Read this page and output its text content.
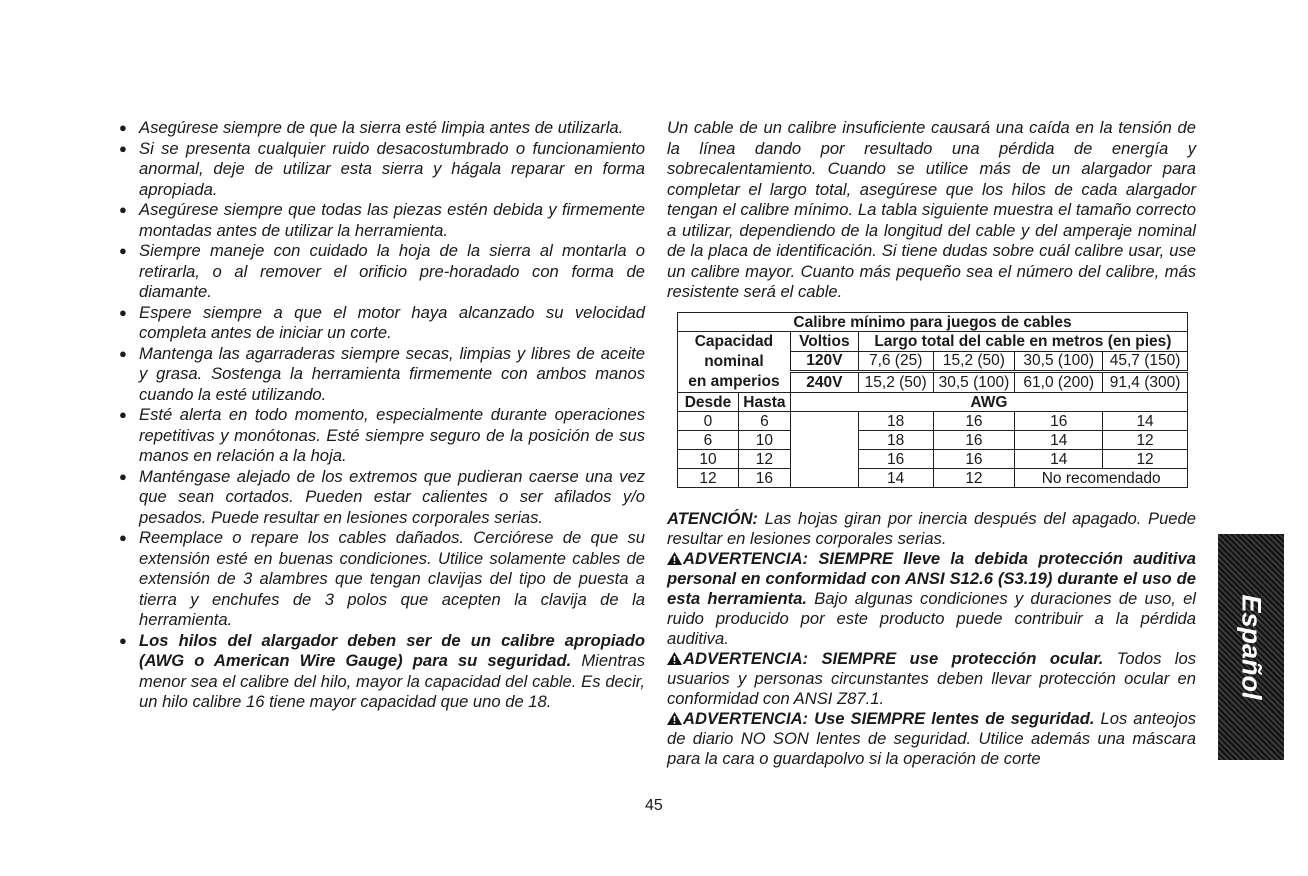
● Asegúrese siempre de que la sierra esté limpia antes de utilizarla.
● Si se presenta cualquier ruido desacostumbrado o funcionamiento anormal, deje de utilizar esta sierra y hágala reparar en forma apropiada.
● Asegúrese siempre que todas las piezas estén debida y firmemente montadas antes de utilizar la herramienta.
● Siempre maneje con cuidado la hoja de la sierra al montarla o retirarla, o al remover el orificio pre-horadado con forma de diamante.
● Espere siempre a que el motor haya alcanzado su velocidad completa antes de iniciar un corte.
● Mantenga las agarraderas siempre secas, limpias y libres de aceite y grasa. Sostenga la herramienta firmemente con ambos manos cuando la esté utilizando.
● Esté alerta en todo momento, especialmente durante operaciones repetitivas y monótonas. Esté siempre seguro de la posición de sus manos en relación a la hoja.
● Manténgase alejado de los extremos que pudieran caerse una vez que sean cortados. Pueden estar calientes o ser afilados y/o pesados. Puede resultar en lesiones corporales serias.
● Reemplace o repare los cables dañados. Cerciórese de que su extensión esté en buenas condiciones. Utilice solamente cables de extensión de 3 alambres que tengan clavijas del tipo de puesta a tierra y enchufes de 3 polos que acepten la clavija de la herramienta.
● Los hilos del alargador deben ser de un calibre apropiado (AWG o American Wire Gauge) para su seguridad. Mientras menor sea el calibre del hilo, mayor la capacidad del cable. Es decir, un hilo calibre 16 tiene mayor capacidad que uno de 18.

Un cable de un calibre insuficiente causará una caída en la tensión de la línea dando por resultado una pérdida de energía y sobrecalentamiento. Cuando se utilice más de un alargador para completar el largo total, asegúrese que los hilos de cada alargador tengan el calibre mínimo. La tabla siguiente muestra el tamaño correcto a utilizar, dependiendo de la longitud del cable y del amperaje nominal de la placa de identificación. Si tiene dudas sobre cuál calibre usar, use un calibre mayor. Cuanto más pequeño sea el número del calibre, más resistente será el cable.

Calibre mínimo para juegos de cables						
Capacidad
nominal
en amperios		Voltios	Largo total del cable en metros (en pies)			
		120V	7,6 (25)	15,2 (50)	30,5 (100)	45,7 (150)
		240V	15,2 (50)	30,5 (100)	61,0 (200)	91,4 (300)
Desde	Hasta	AWG				
0	6		18	16	16	14
6	10		18	16	14	12
10	12		16	16	14	12
12	16		14	12	No recomendado	

ATENCIÓN: Las hojas giran por inercia después del apagado. Puede resultar en lesiones corporales serias.

ADVERTENCIA: SIEMPRE lleve la debida protección auditiva personal en conformidad con ANSI S12.6 (S3.19) durante el uso de esta herramienta. Bajo algunas condiciones y duraciones de uso, el ruido producido por este producto puede contribuir a la pérdida auditiva.

ADVERTENCIA: SIEMPRE use protección ocular. Todos los usuarios y personas circunstantes deben llevar protección ocular en conformidad con ANSI Z87.1.

ADVERTENCIA: Use SIEMPRE lentes de seguridad. Los anteojos de diario NO SON lentes de seguridad. Utilice además una máscara para la cara o guardapolvo si la operación de corte

45
Español
